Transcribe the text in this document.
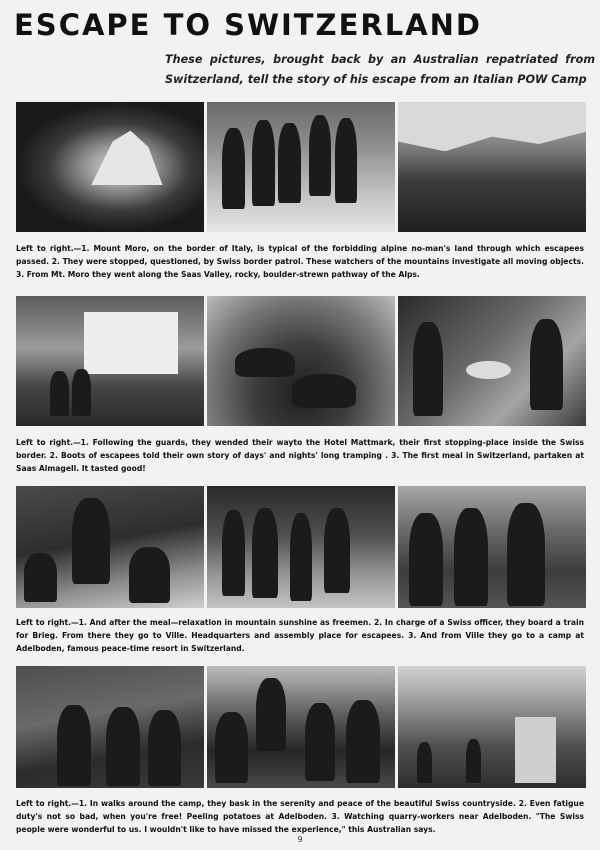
ESCAPE TO SWITZERLAND
These pictures, brought back by an Australian repatriated from Switzerland, tell the story of his escape from an Italian POW Camp
Left to right.—1. Mount Moro, on the border of Italy, is typical of the forbidding alpine no-man's land through which escapees passed. 2. They were stopped, questioned, by Swiss border patrol. These watchers of the mountains investigate all moving objects. 3. From Mt. Moro they went along the Saas Valley, rocky, boulder-strewn pathway of the Alps.
Left to right.—1. Following the guards, they wended their wayto the Hotel Mattmark, their first stopping-place inside the Swiss border. 2. Boots of escapees told their own story of days' and nights' long tramping . 3. The first meal in Switzerland, partaken at Saas Almagell. It tasted good!
Left to right.—1. And after the meal—relaxation in mountain sunshine as freemen. 2. In charge of a Swiss officer, they board a train for Brieg. From there they go to Ville. Headquarters and assembly place for escapees. 3. And from Ville they go to a camp at Adelboden, famous peace-time resort in Switzerland.
Left to right.—1. In walks around the camp, they bask in the serenity and peace of the beautiful Swiss countryside. 2. Even fatigue duty's not so bad, when you're free! Peeling potatoes at Adelboden. 3. Watching quarry-workers near Adelboden. "The Swiss people were wonderful to us. I wouldn't like to have missed the experience," this Australian says.
9
